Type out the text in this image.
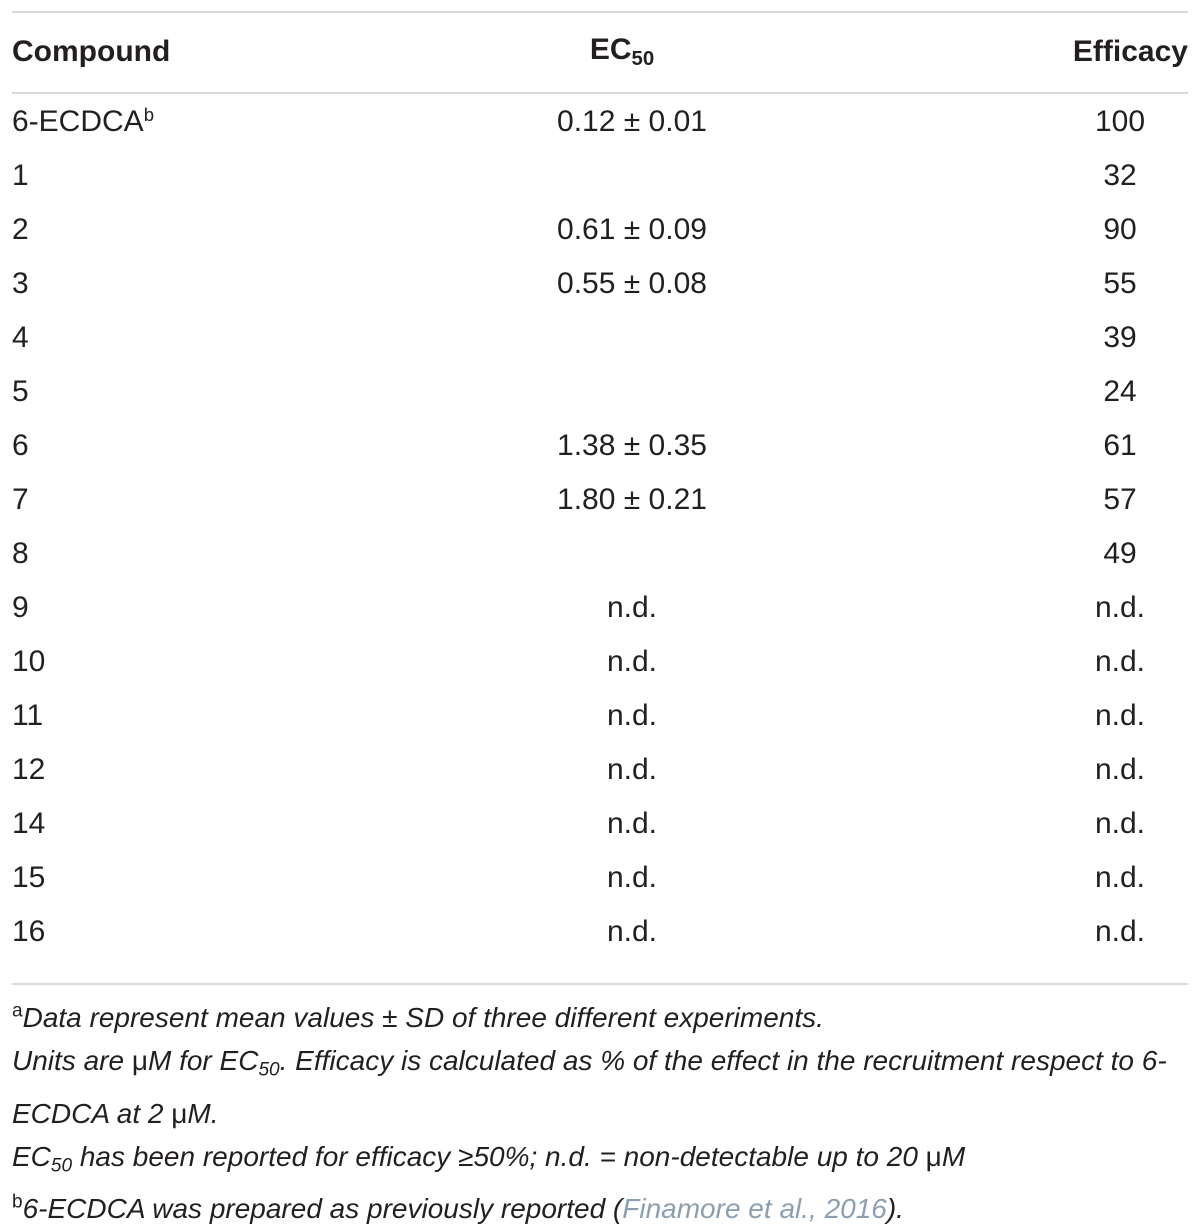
Compound	$EC_{50}$	Efficacy
6-ECDCA$^b$	0.12 ± 0.01	100
1		32
2	0.61 ± 0.09	90
3	0.55 ± 0.08	55
4		39
5		24
6	1.38 ± 0.35	61
7	1.80 ± 0.21	57
8		49
9	n.d.	n.d.
10	n.d.	n.d.
11	n.d.	n.d.
12	n.d.	n.d.
14	n.d.	n.d.
15	n.d.	n.d.
16	n.d.	n.d.

$^a$Data represent mean values ± SD of three different experiments.

Units are μM for $EC_{50}$. Efficacy is calculated as % of the effect in the recruitment respect to 6-ECDCA at 2 μM.

$EC_{50}$ has been reported for efficacy ≥50%; n.d. = non-detectable up to 20 μM

$^b$6-ECDCA was prepared as previously reported (Finamore et al., 2016).
